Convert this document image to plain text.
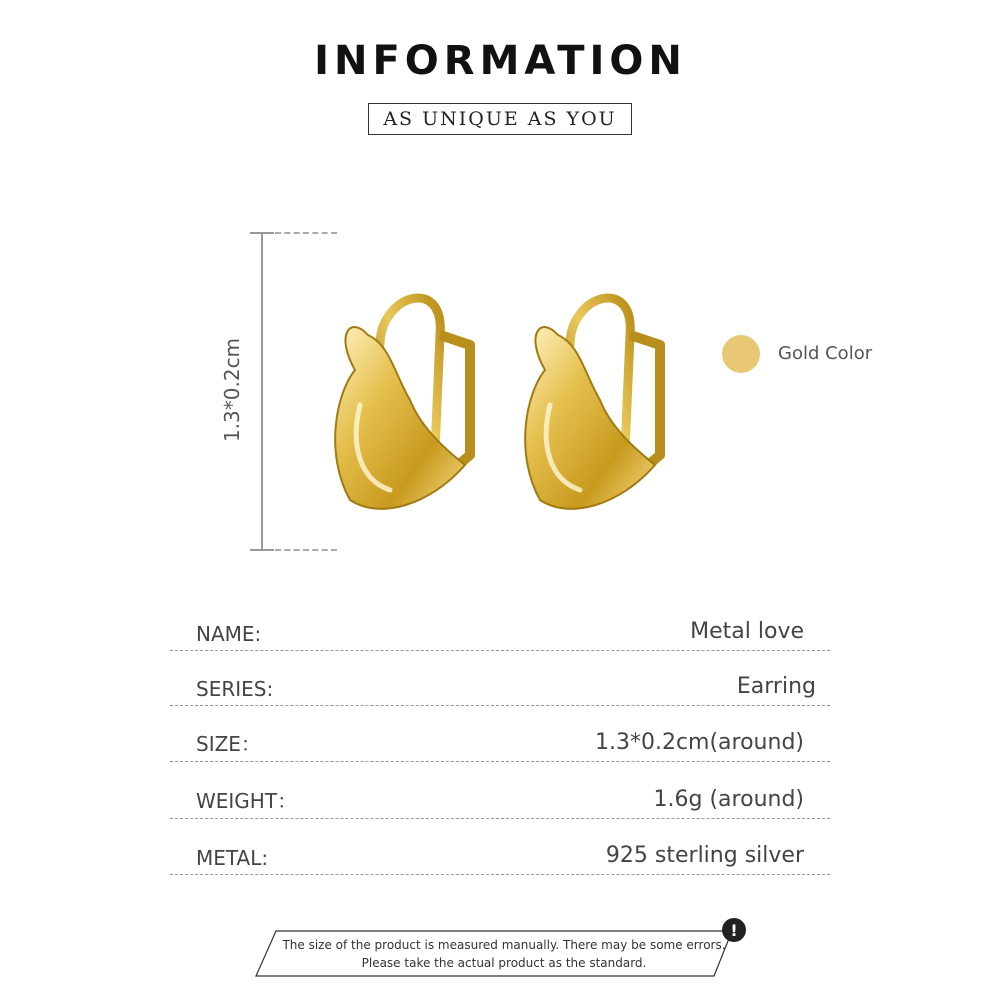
INFORMATION
AS UNIQUE AS YOU
1.3*0.2cm	Gold Color
NAME:	Metal love
SERIES:	Earring
SIZE：	1.3*0.2cm(around)
WEIGHT：	1.6g (around)
METAL:	925 sterling silver
The size of the product is measured manually. There may be some errors.
Please take the actual product as the standard.
!
